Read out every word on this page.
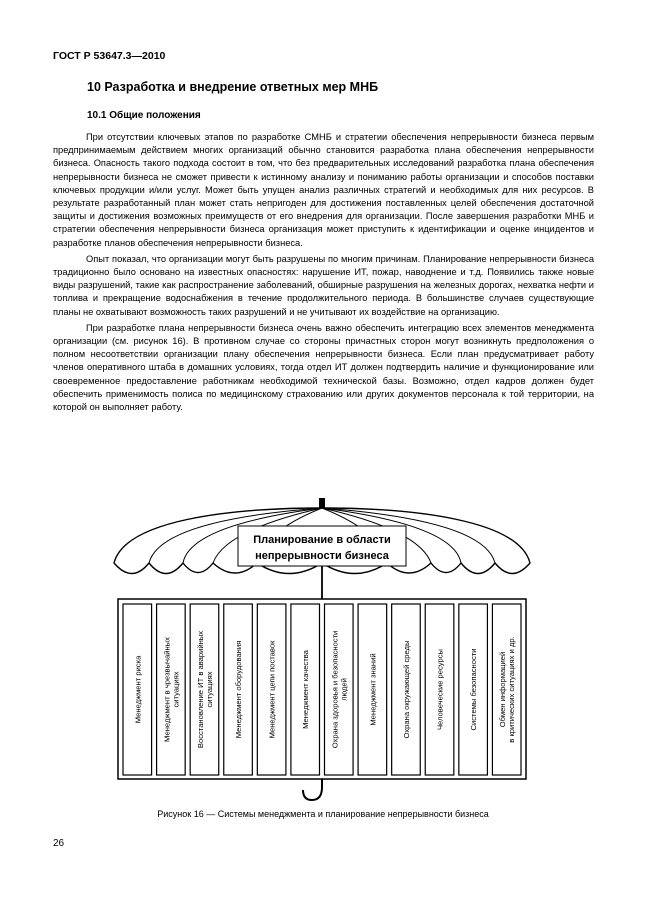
ГОСТ Р 53647.3—2010
10 Разработка и внедрение ответных мер МНБ
10.1 Общие положения

При отсутствии ключевых этапов по разработке СМНБ и стратегии обеспечения непрерывности бизнеса первым предпринимаемым действием многих организаций обычно становится разработка плана обеспечения непрерывности бизнеса. Опасность такого подхода состоит в том, что без предварительных исследований разработка плана обеспечения непрерывности бизнеса не сможет привести к истинному анализу и пониманию работы организации и способов поставки ключевых продукции и/или услуг. Может быть упущен анализ различных стратегий и необходимых для них ресурсов. В результате разработанный план может стать непригоден для достижения поставленных целей обеспечения достаточной защиты и достижения возможных преимуществ от его внедрения для организации. После завершения разработки МНБ и стратегии обеспечения непрерывности бизнеса организация может приступить к идентификации и оценке инцидентов и разработке планов обеспечения непрерывности бизнеса.

Опыт показал, что организации могут быть разрушены по многим причинам. Планирование непрерывности бизнеса традиционно было основано на известных опасностях: нарушение ИТ, пожар, наводнение и т.д. Появились также новые виды разрушений, такие как распространение заболеваний, обширные разрушения на железных дорогах, нехватка нефти и топлива и прекращение водоснабжения в течение продолжительного периода. В большинстве случаев существующие планы не охватывают возможность таких разрушений и не учитывают их воздействие на организацию.

При разработке плана непрерывности бизнеса очень важно обеспечить интеграцию всех элементов менеджмента организации (см. рисунок 16). В противном случае со стороны причастных сторон могут возникнуть предположения о полном несоответствии организации плану обеспечения непрерывности бизнеса. Если план предусматривает работу членов оперативного штаба в домашних условиях, тогда отдел ИТ должен подтвердить наличие и функционирование или своевременное предоставление работникам необходимой технической базы. Возможно, отдел кадров должен будет обеспечить применимость полиса по медицинскому страхованию или других документов персонала к той территории, на которой он выполняет работу.

Планирование в области
непрерывности бизнеса
Менеджмент риска	Менеджмент в чрезвычайных ситуациях Восстановление ИТ в аварийных ситуациях	Менеджмент оборудования	Менеджмент цепи поставок	Менеджмент качества	Охрана здоровья и безопасности людей	Менеджмент знаний	Охрана окружающей среды	Человеческие ресурсы	Системы безопасности	Обмен информацией в критических ситуациях и др.
Рисунок 16 — Системы менеджмента и планирование непрерывности бизнеса
26
